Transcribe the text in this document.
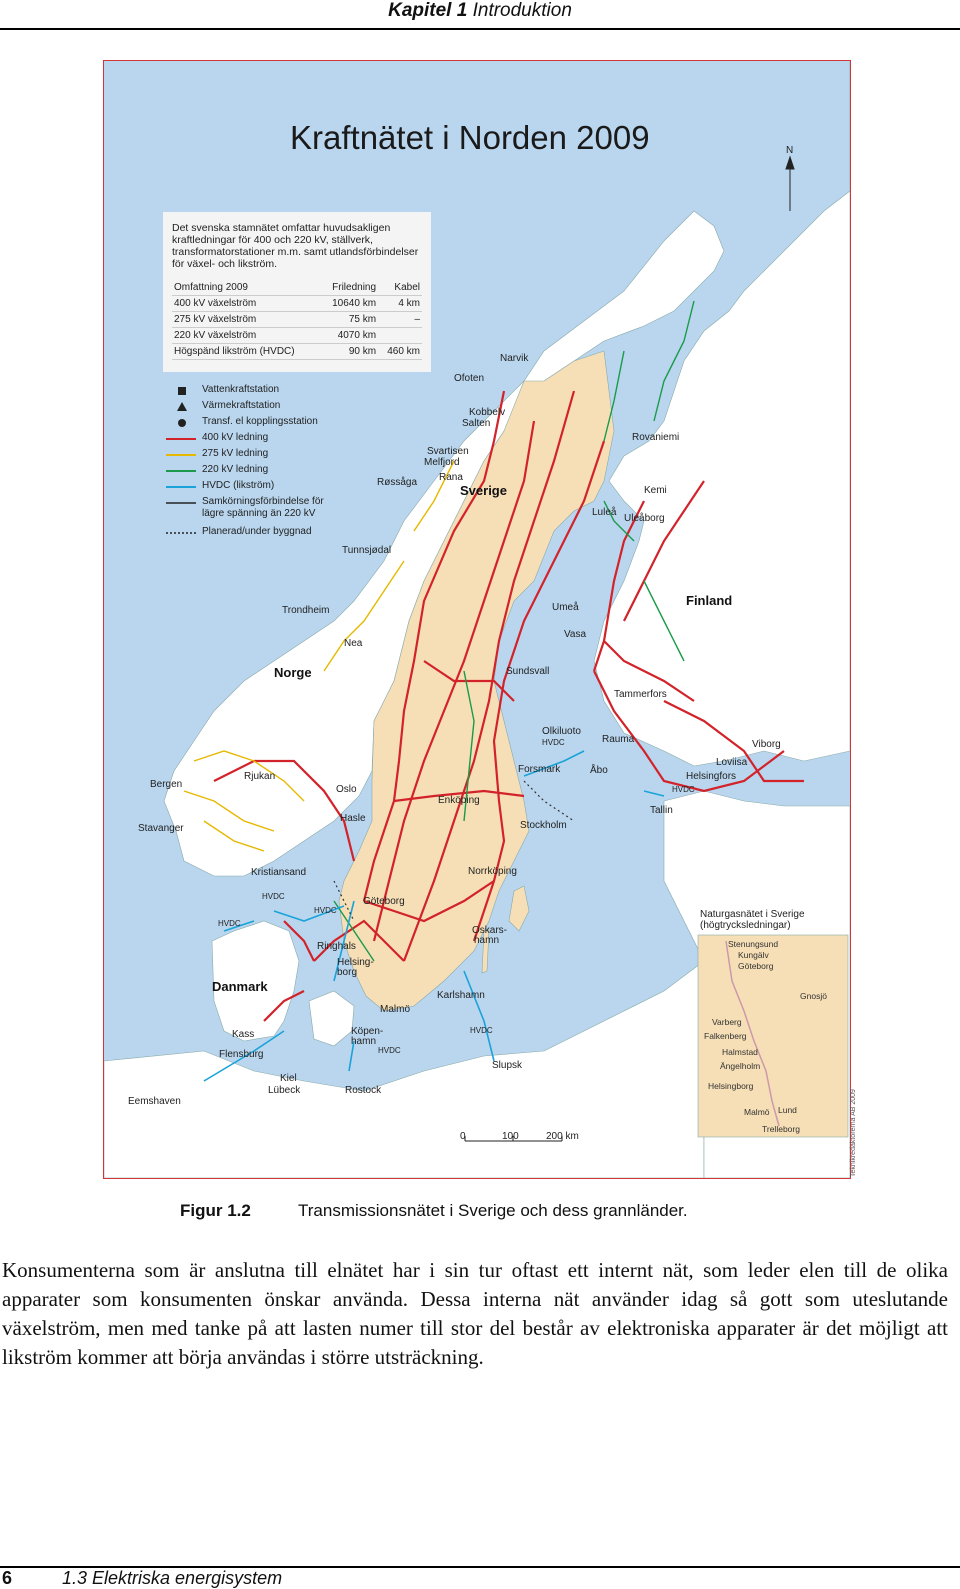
Kapitel 1 Introduktion
Kraftnätet i Norden 2009	N
Det svenska stamnätet omfattar huvudsakligen kraftledningar för 400 och 220 kV, ställverk, transformatorstationer m.m. samt utlandsförbindelser för växel- och likström.
Omfattning 2009	Friledning	Kabel
400 kV växelström	10640 km	4 km
275 kV växelström	75 km	–
220 kV växelström	4070 km	
Högspänd likström (HVDC)	90 km	460 km
Vattenkraftstation
Värmekraftstation
Transf. el kopplingsstation
400 kV ledning
275 kV ledning
220 kV ledning
HVDC (likström)
Samkörningsförbindelse för
lägre spänning än 220 kV
Planerad/under byggnad
Sverige
Norge
Finland
Danmark
Narvik
Ofoten
Kobbelv
Salten
Svartisen
Melfjord
Rana
Røssåga
Rovaniemi
Kemi
Luleå
Uleåborg
Tunnsjødal
Trondheim
Nea
Umeå
Vasa
Sundsvall
Tammerfors
Olkiluoto
Rauma	Viborg
Loviisa
Helsingfors
Åbo
Forsmark
Bergen
Rjukan
Oslo
Enköping
Hasle
Stockholm
Stavanger
Tallin
Kristiansand	Norrköping
Göteborg
Oskars-
hamn
Ringhals
Helsing-
borg
Karlshamn
Malmö
Kass
Flensburg
Köpen-
hamn
Slupsk
Kiel
Lübeck	Rostock
Eemshaven
HVDC
HVDC
HVDC
HVDC
HVDC
HVDC
HVDC
Naturgasnätet i Sverige
(högtrycksledningar)
Stenungsund
Kungälv
Göteborg
Gnosjö
Varberg
Falkenberg
Halmstad
Ängelholm
Helsingborg
Malmö Lund
Trelleborg
0	100	200 km	Teknikredaktörerna AB 2009
Figur 1.2	Transmissionsnätet i Sverige och dess grannländer.
Konsumenterna som är anslutna till elnätet har i sin tur oftast ett internt nät, som leder elen till de olika apparater som konsumenten önskar använda. Dessa interna nät använder idag så gott som uteslutande växelström, men med tanke på att lasten numer till stor del består av elektroniska apparater är det möjligt att likström kommer att börja användas i större utsträckning.
6	1.3 Elektriska energisystem
